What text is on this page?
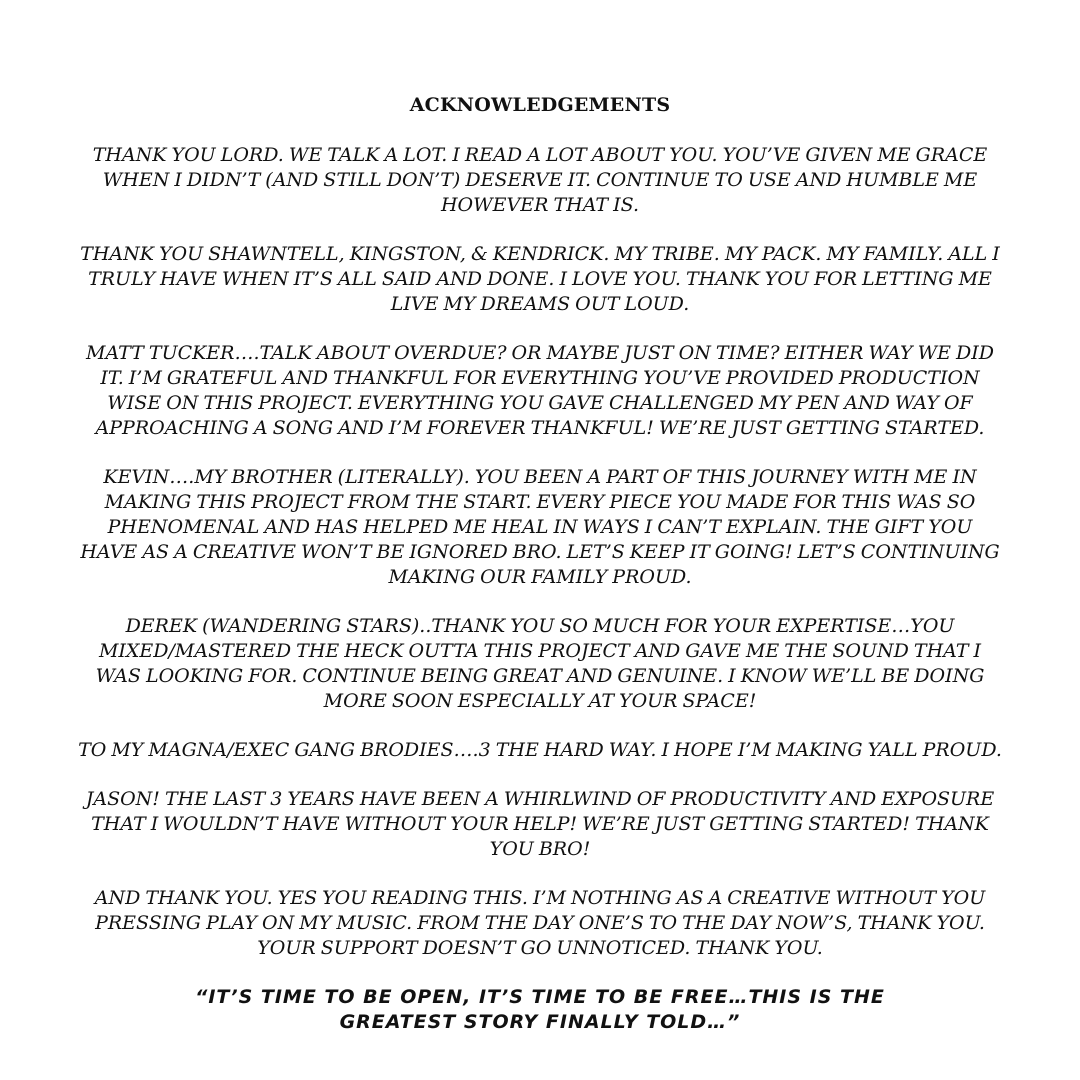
ACKNOWLEDGEMENTS

THANK YOU LORD. WE TALK A LOT. I READ A LOT ABOUT YOU. YOU’VE GIVEN ME GRACE WHEN I DIDN’T (AND STILL DON’T) DESERVE IT. CONTINUE TO USE AND HUMBLE ME HOWEVER THAT IS.

THANK YOU SHAWNTELL, KINGSTON, & KENDRICK. MY TRIBE. MY PACK. MY FAMILY. ALL I TRULY HAVE WHEN IT’S ALL SAID AND DONE. I LOVE YOU. THANK YOU FOR LETTING ME LIVE MY DREAMS OUT LOUD.

MATT TUCKER….TALK ABOUT OVERDUE? OR MAYBE JUST ON TIME? EITHER WAY WE DID IT. I’M GRATEFUL AND THANKFUL FOR EVERYTHING YOU’VE PROVIDED PRODUCTION WISE ON THIS PROJECT. EVERYTHING YOU GAVE CHALLENGED MY PEN AND WAY OF APPROACHING A SONG AND I’M FOREVER THANKFUL! WE’RE JUST GETTING STARTED.

KEVIN….MY BROTHER (LITERALLY). YOU BEEN A PART OF THIS JOURNEY WITH ME IN MAKING THIS PROJECT FROM THE START. EVERY PIECE YOU MADE FOR THIS WAS SO PHENOMENAL AND HAS HELPED ME HEAL IN WAYS I CAN’T EXPLAIN. THE GIFT YOU HAVE AS A CREATIVE WON’T BE IGNORED BRO. LET’S KEEP IT GOING! LET’S CONTINUING MAKING OUR FAMILY PROUD.

DEREK (WANDERING STARS)..THANK YOU SO MUCH FOR YOUR EXPERTISE…YOU MIXED/MASTERED THE HECK OUTTA THIS PROJECT AND GAVE ME THE SOUND THAT I WAS LOOKING FOR. CONTINUE BEING GREAT AND GENUINE. I KNOW WE’LL BE DOING MORE SOON ESPECIALLY AT YOUR SPACE!

TO MY MAGNA/EXEC GANG BRODIES….3 THE HARD WAY. I HOPE I’M MAKING YALL PROUD.

JASON! THE LAST 3 YEARS HAVE BEEN A WHIRLWIND OF PRODUCTIVITY AND EXPOSURE THAT I WOULDN’T HAVE WITHOUT YOUR HELP! WE’RE JUST GETTING STARTED! THANK YOU BRO!

AND THANK YOU. YES YOU READING THIS. I’M NOTHING AS A CREATIVE WITHOUT YOU PRESSING PLAY ON MY MUSIC. FROM THE DAY ONE’S TO THE DAY NOW’S, THANK YOU. YOUR SUPPORT DOESN’T GO UNNOTICED. THANK YOU.

“IT’S TIME TO BE OPEN, IT’S TIME TO BE FREE…THIS IS THE GREATEST STORY FINALLY TOLD…”
